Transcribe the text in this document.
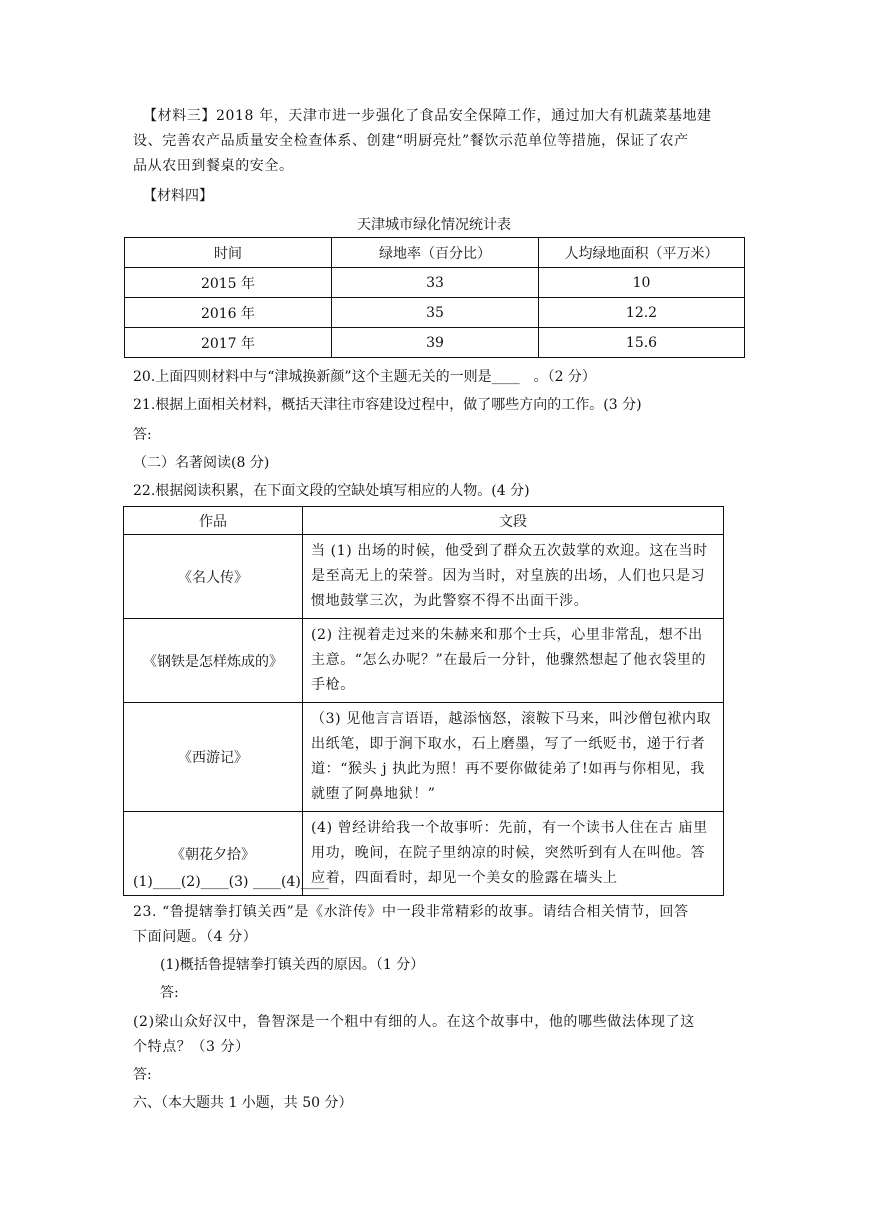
【材料三】2018 年，天津市进一步强化了食品安全保障工作，通过加大有机蔬菜基地建

设、完善农产品质量安全检查体系、创建“明厨亮灶”餐饮示范单位等措施，保证了农产

品从农田到餐桌的安全。

【材料四】
天津城市绿化情况统计表
时间	绿地率（百分比）	人均绿地面积（平万米）
2015 年	33	10
2016 年	35	12.2
2017 年	39	15.6
20.上面四则材料中与“津城换新颜”这个主题无关的一则是____　。（2 分）
21.根据上面相关材料，概括天津往市容建设过程中，做了哪些方向的工作。(3 分)
答:
（二）名著阅读(8 分)
22.根据阅读积累，在下面文段的空缺处填写相应的人物。(4 分)
作品	文段
《名人传》	当 (1) 出场的时候，他受到了群众五次鼓掌的欢迎。这在当时是至高无上的荣誉。因为当时，对皇族的出场，人们也只是习惯地鼓掌三次，为此警察不得不出面干涉。
《钢铁是怎样炼成的》	(2) 注视着走过来的朱赫来和那个士兵，心里非常乱，想不出主意。“怎么办呢？”在最后一分针，他骤然想起了他衣袋里的手枪。
《西游记》	（3) 见他言言语语，越添恼怒，滚鞍下马来，叫沙僧包袱内取出纸笔，即于涧下取水，石上磨墨，写了一纸贬书，递于行者道：“猴头 j 执此为照！再不要你做徒弟了!如再与你相见，我就堕了阿鼻地狱！”
《朝花夕拾》	(4) 曾经讲给我一个故事听：先前，有一个读书人住在古 庙里用功，晚间，在院子里纳凉的时候，突然听到有人在叫他。答应着，四面看时，却见一个美女的脸露在墙头上
(1)____(2)____(3) ____(4)____

23. “鲁提辖拳打镇关西”是《水浒传》中一段非常精彩的故事。请结合相关情节，回答

下面问题。（4 分）

(1)概括鲁提辖拳打镇关西的原因。（1 分）
答:

(2)梁山众好汉中，鲁智深是一个粗中有细的人。在这个故事中，他的哪些做法体现了这

个特点？（3 分）

答:
六、（本大题共 1 小题，共 50 分）
